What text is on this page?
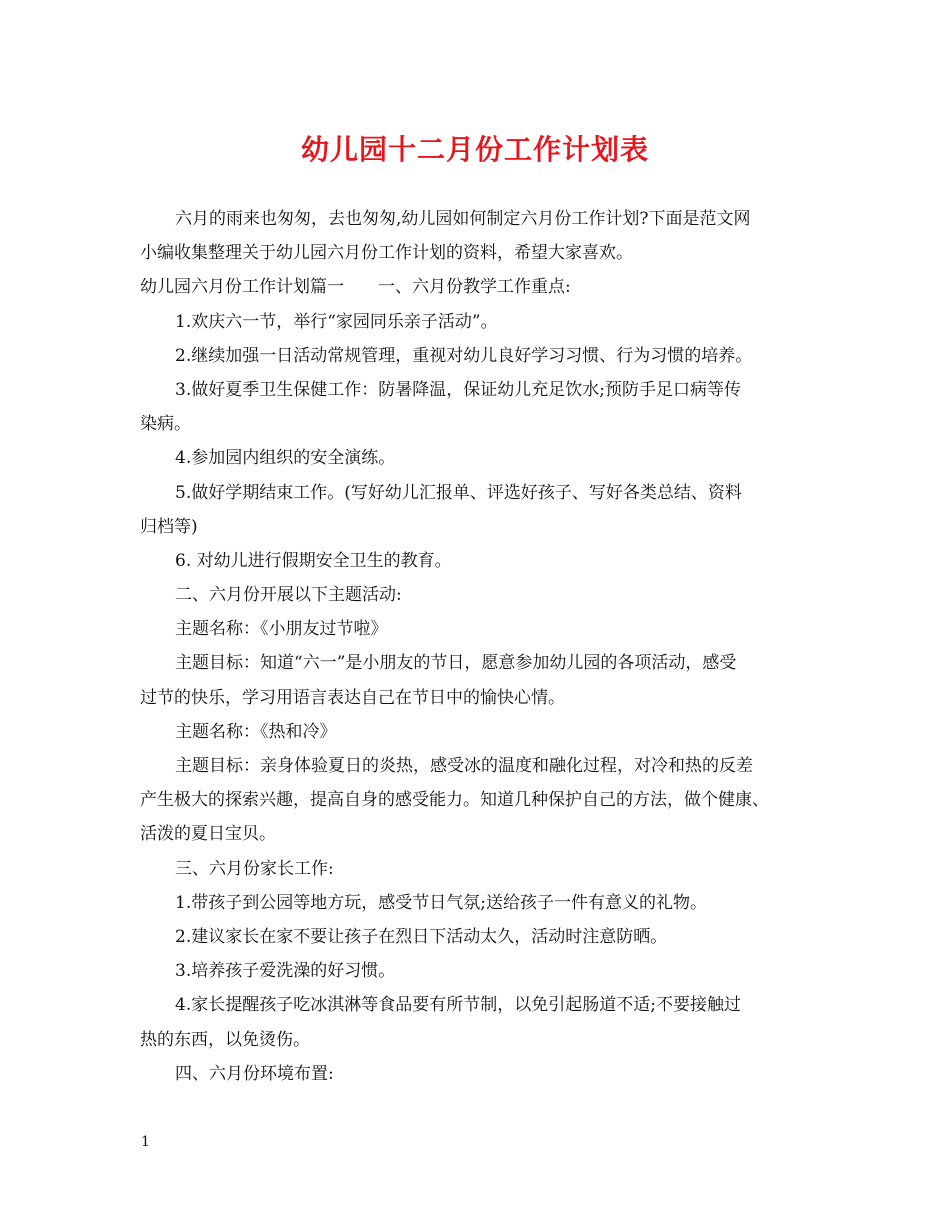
幼儿园十二月份工作计划表
六月的雨来也匆匆，去也匆匆,幼儿园如何制定六月份工作计划?下面是范文网
小编收集整理关于幼儿园六月份工作计划的资料，希望大家喜欢。
幼儿园六月份工作计划篇一　　一、六月份教学工作重点:
1.欢庆六一节，举行“家园同乐亲子活动”。
2.继续加强一日活动常规管理，重视对幼儿良好学习习惯、行为习惯的培养。
3.做好夏季卫生保健工作：防暑降温，保证幼儿充足饮水;预防手足口病等传
染病。
4.参加园内组织的安全演练。
5.做好学期结束工作。(写好幼儿汇报单、评选好孩子、写好各类总结、资料
归档等)
6. 对幼儿进行假期安全卫生的教育。
二、六月份开展以下主题活动:
主题名称：《小朋友过节啦》
主题目标：知道“六一”是小朋友的节日，愿意参加幼儿园的各项活动，感受
过节的快乐，学习用语言表达自己在节日中的愉快心情。
主题名称：《热和冷》
主题目标：亲身体验夏日的炎热，感受冰的温度和融化过程，对冷和热的反差
产生极大的探索兴趣，提高自身的感受能力。知道几种保护自己的方法，做个健康、
活泼的夏日宝贝。
三、六月份家长工作:
1.带孩子到公园等地方玩，感受节日气氛;送给孩子一件有意义的礼物。
2.建议家长在家不要让孩子在烈日下活动太久，活动时注意防晒。
3.培养孩子爱洗澡的好习惯。
4.家长提醒孩子吃冰淇淋等食品要有所节制，以免引起肠道不适;不要接触过
热的东西，以免烫伤。
四、六月份环境布置:
1
